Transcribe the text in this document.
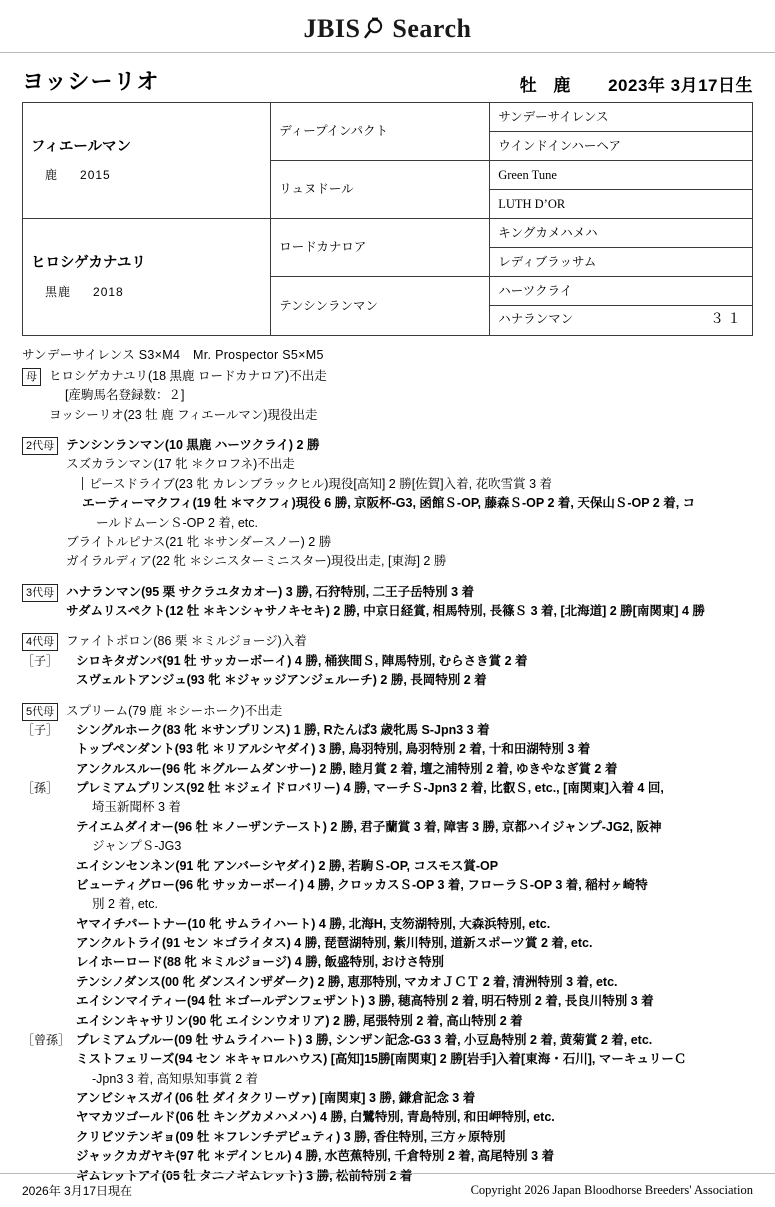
JBIS Search
ヨッシーリオ	牡 鹿 2023年 3月17日生
フィエールマン
鹿 2015	ディープインパクト	サンデーサイレンス
		ウインドインハーヘア
	リュヌドール	Green Tune
		LUTH D’OR

ヒロシゲカナユリ
黒鹿 2018	ロードカナロア	キングカメハメハ
		レディブラッサム
	テンシンランマン	ハーツクライ
		ハナランマン ３１
サンデーサイレンス S3×M4　Mr. Prospector S5×M5
母 ヒロシゲカナユリ(18 黒鹿 ロードカナロア)不出走
[産駒馬名登録数：２]
ヨッシーリオ(23 牡 鹿 フィエールマン)現役出走
2代母 テンシンランマン(10 黒鹿 ハーツクライ) 2 勝
スズカランマン(17 牝 ＊クロフネ)不出走
ピースドライブ(23 牝 カレンブラックヒル)現役[高知] 2 勝[佐賀]入着, 花吹雪賞 3 着
エーティーマクフィ(19 牡 ＊マクフィ)現役 6 勝, 京阪杯-G3, 函館Ｓ-OP, 藤森Ｓ-OP 2 着, 天保山Ｓ-OP 2 着, コ
ールドムーンＳ-OP 2 着, etc.
ブライトルピナス(21 牝 ＊サンダースノー) 2 勝
ガイラルディア(22 牝 ＊シニスターミニスター)現役出走, [東海] 2 勝
3代母 ハナランマン(95 栗 サクラユタカオー) 3 勝, 石狩特別, 二王子岳特別 3 着
サダムリスペクト(12 牡 ＊キンシャサノキセキ) 2 勝, 中京日経賞, 相馬特別, 長篠Ｓ 3 着, [北海道] 2 勝[南関東] 4 勝
4代母 ファイトポロン(86 栗 ＊ミルジョージ)入着
［子］	シロキタガンバ(91 牡 サッカーボーイ) 4 勝, 桶狭間Ｓ, 陣馬特別, むらさき賞 2 着
スヴェルトアンジュ(93 牝 ＊ジャッジアンジェルーチ) 2 勝, 長岡特別 2 着
5代母 スプリーム(79 鹿 ＊シーホーク)不出走
［子］	シングルホーク(83 牝 ＊サンプリンス) 1 勝, Rたんぱ3 歳牝馬 S-Jpn3 3 着
トップペンダント(93 牝 ＊リアルシヤダイ) 3 勝, 鳥羽特別, 鳥羽特別 2 着, 十和田湖特別 3 着
アンクルスルー(96 牝 ＊グルームダンサー) 2 勝, 睦月賞 2 着, 壇之浦特別 2 着, ゆきやなぎ賞 2 着
［孫］	プレミアムプリンス(92 牡 ＊ジェイドロバリー) 4 勝, マーチＳ-Jpn3 2 着, 比叡Ｓ, etc., [南関東]入着 4 回,
埼玉新聞杯 3 着
テイエムダイオー(96 牡 ＊ノーザンテースト) 2 勝, 君子蘭賞 3 着, 障害 3 勝, 京都ハイジャンプ-JG2, 阪神
ジャンプＳ-JG3
エイシンセンネン(91 牝 アンバーシヤダイ) 2 勝, 若駒Ｓ-OP, コスモス賞-OP
ビューティグロー(96 牝 サッカーボーイ) 4 勝, クロッカスＳ-OP 3 着, フローラＳ-OP 3 着, 稲村ヶ崎特
別 2 着, etc.
ヤマイチパートナー(10 牝 サムライハート) 4 勝, 北海H, 支笏湖特別, 大森浜特別, etc.
アンクルトライ(91 セン ＊ゴライタス) 4 勝, 琵琶湖特別, 紫川特別, 道新スポーツ賞 2 着, etc.
レイホーロード(88 牝 ＊ミルジョージ) 4 勝, 飯盛特別, おけさ特別
テンシノダンス(00 牝 ダンスインザダーク) 2 勝, 恵那特別, マカオＪＣＴ 2 着, 清洲特別 3 着, etc.
エイシンマイティー(94 牡 ＊ゴールデンフェザント) 3 勝, 穂高特別 2 着, 明石特別 2 着, 長良川特別 3 着
エイシンキャサリン(90 牝 エイシンウオリア) 2 勝, 尾張特別 2 着, 高山特別 2 着
［曾孫］ プレミアムブルー(09 牡 サムライハート) 3 勝, シンザン記念-G3 3 着, 小豆島特別 2 着, 黄菊賞 2 着, etc.
ミストフェリーズ(94 セン ＊キャロルハウス) [高知]15勝[南関東] 2 勝[岩手]入着[東海・石川], マーキュリーＣ
-Jpn3 3 着, 高知県知事賞 2 着
アンビシャスガイ(06 牡 ダイタクリーヴァ) [南関東] 3 勝, 鎌倉記念 3 着
ヤマカツゴールド(06 牡 キングカメハメハ) 4 勝, 白鷺特別, 青島特別, 和田岬特別, etc.
クリビツテンギョ(09 牡 ＊フレンチデピュティ) 3 勝, 香住特別, 三方ヶ原特別
ジャックカガヤキ(97 牝 ＊デインヒル) 4 勝, 水芭蕉特別, 千倉特別 2 着, 高尾特別 3 着
ギムレットアイ(05 牡 タニノギムレット) 3 勝, 松前特別 2 着
2026年 3月17日現在	Copyright 2026 Japan Bloodhorse Breeders' Association
